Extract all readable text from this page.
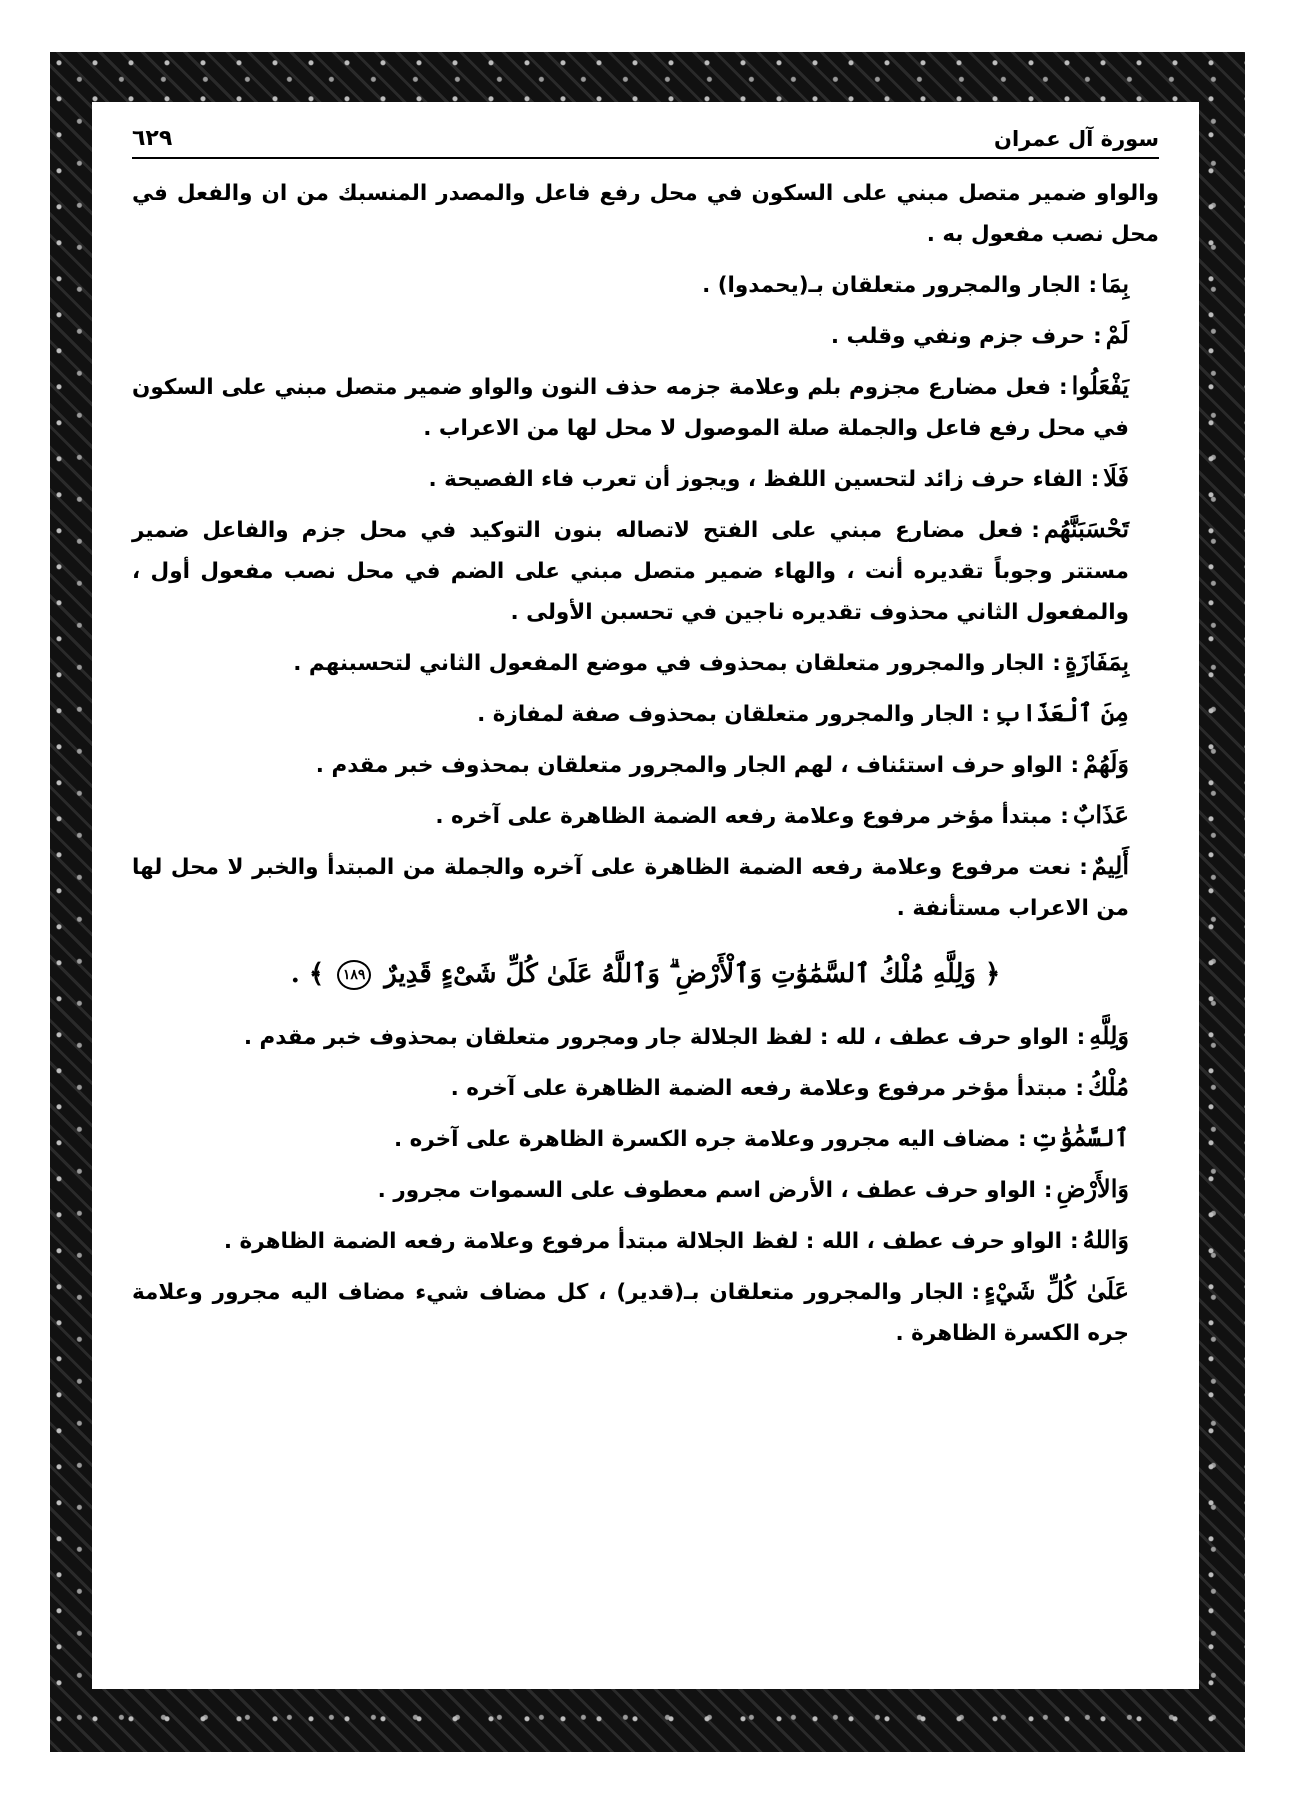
سورة آل عمران
٦٢٩

والواو ضمير متصل مبني على السكون في محل رفع فاعل والمصدر المنسبك من ان والفعل في محل نصب مفعول به .

بِمَا:الجار والمجرور متعلقان بـ(يحمدوا) .

لَمْ:حرف جزم ونفي وقلب .

يَفْعَلُوا:فعل مضارع مجزوم بلم وعلامة جزمه حذف النون والواو ضمير متصل مبني على السكون في محل رفع فاعل والجملة صلة الموصول لا محل لها من الاعراب .

فَلَا:الفاء حرف زائد لتحسين اللفظ ، ويجوز أن تعرب فاء الفصيحة .

تَحْسَبَنَّهُم:فعل مضارع مبني على الفتح لاتصاله بنون التوكيد في محل جزم والفاعل ضمير مستتر وجوباً تقديره أنت ، والهاء ضمير متصل مبني على الضم في محل نصب مفعول أول ، والمفعول الثاني محذوف تقديره ناجين في تحسبن الأولى .

بِمَفَازَةٍ:الجار والمجرور متعلقان بمحذوف في موضع المفعول الثاني لتحسبنهم .

مِنَ ٱلْعَذَابِ:الجار والمجرور متعلقان بمحذوف صفة لمفازة .

وَلَهُمْ:الواو حرف استئناف ، لهم الجار والمجرور متعلقان بمحذوف خبر مقدم .

عَذَابٌ:مبتدأ مؤخر مرفوع وعلامة رفعه الضمة الظاهرة على آخره .

أَلِيمٌ:نعت مرفوع وعلامة رفعه الضمة الظاهرة على آخره والجملة من المبتدأ والخبر لا محل لها من الاعراب مستأنفة .

﴿ وَلِلَّهِ مُلْكُ ٱلسَّمَٰوَٰتِ وَٱلْأَرْضِ ۗ وَٱللَّهُ عَلَىٰ كُلِّ شَىْءٍ قَدِيرٌ ١٨٩ ﴾ .

وَلِلَّهِ:الواو حرف عطف ، لله : لفظ الجلالة جار ومجرور متعلقان بمحذوف خبر مقدم .

مُلْكُ:مبتدأ مؤخر مرفوع وعلامة رفعه الضمة الظاهرة على آخره .

ٱلسَّمَٰوَٰتِ:مضاف اليه مجرور وعلامة جره الكسرة الظاهرة على آخره .

وَالأَرْضِ:الواو حرف عطف ، الأرض اسم معطوف على السموات مجرور .

وَاللهُ:الواو حرف عطف ، الله : لفظ الجلالة مبتدأ مرفوع وعلامة رفعه الضمة الظاهرة .

عَلَىٰ كُلِّ شَيْءٍ:الجار والمجرور متعلقان بـ(قدير) ، كل مضاف شيء مضاف اليه مجرور وعلامة جره الكسرة الظاهرة .
